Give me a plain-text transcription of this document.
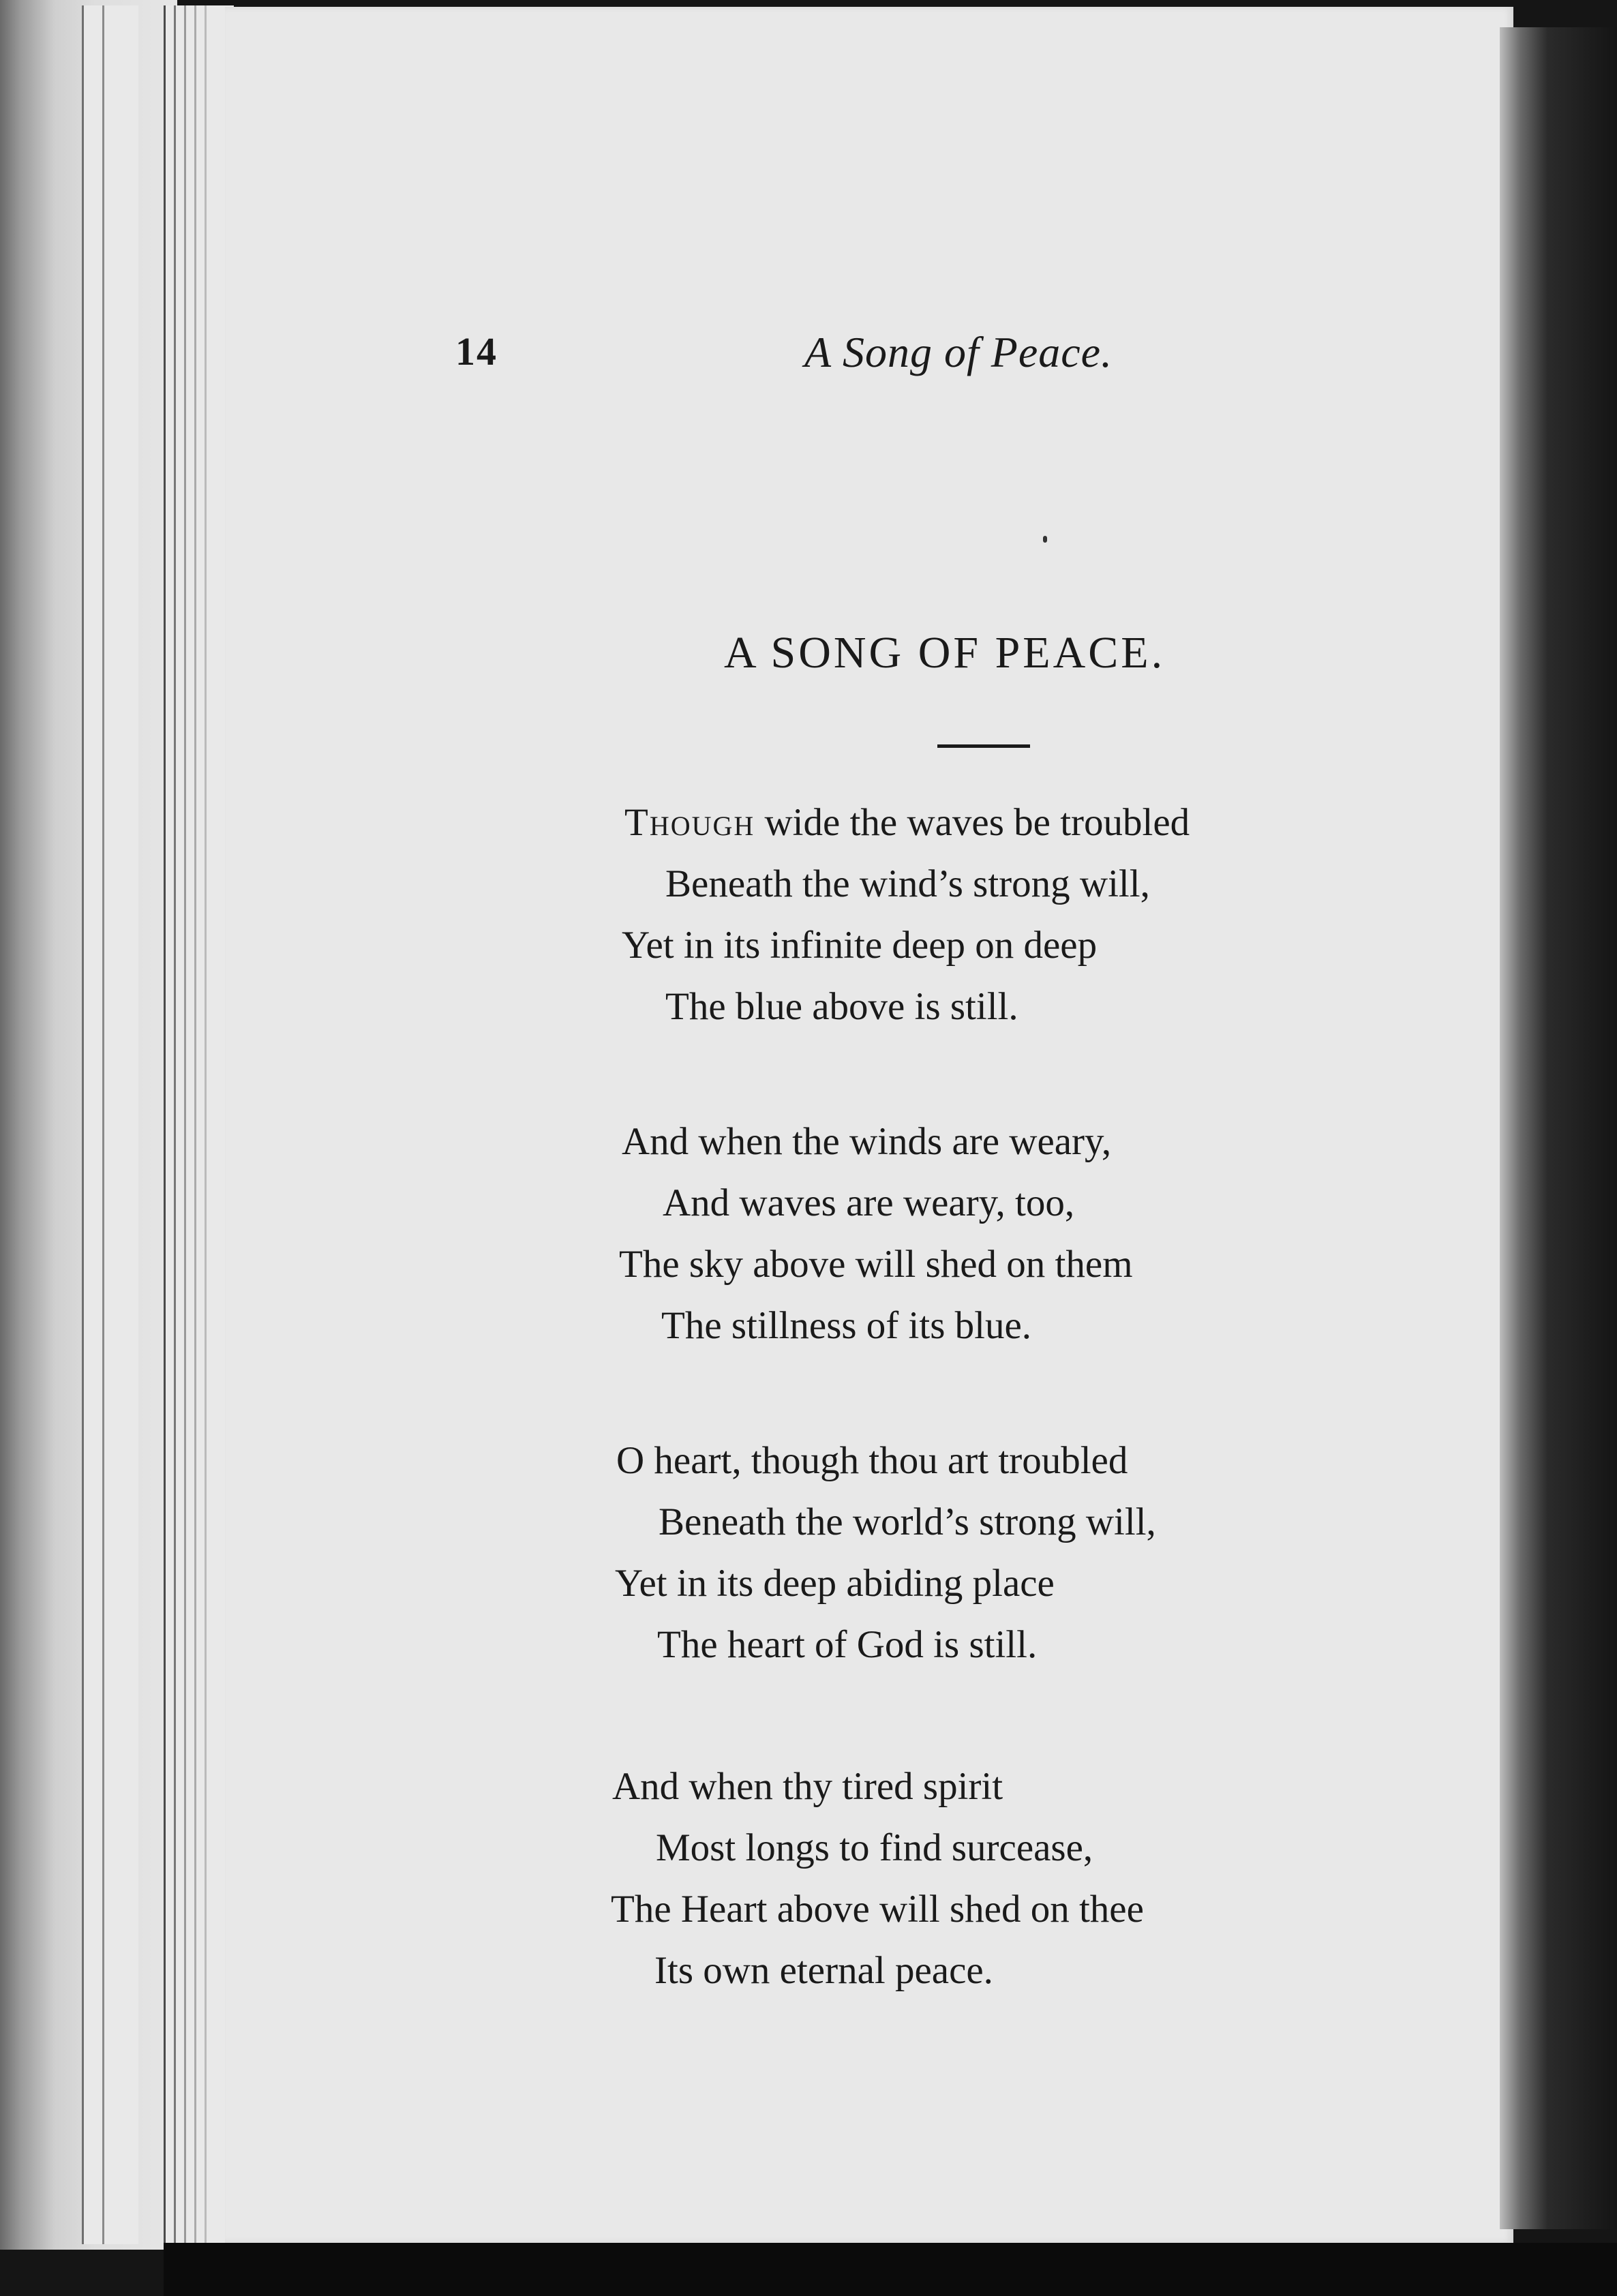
14	A Song of Peace.
A SONG OF PEACE.
Though wide the waves be troubled
Beneath the wind’s strong will,
Yet in its infinite deep on deep
The blue above is still.
And when the winds are weary,
And waves are weary, too,
The sky above will shed on them
The stillness of its blue.
O heart, though thou art troubled
Beneath the world’s strong will,
Yet in its deep abiding place
The heart of God is still.
And when thy tired spirit
Most longs to find surcease,
The Heart above will shed on thee
Its own eternal peace.
